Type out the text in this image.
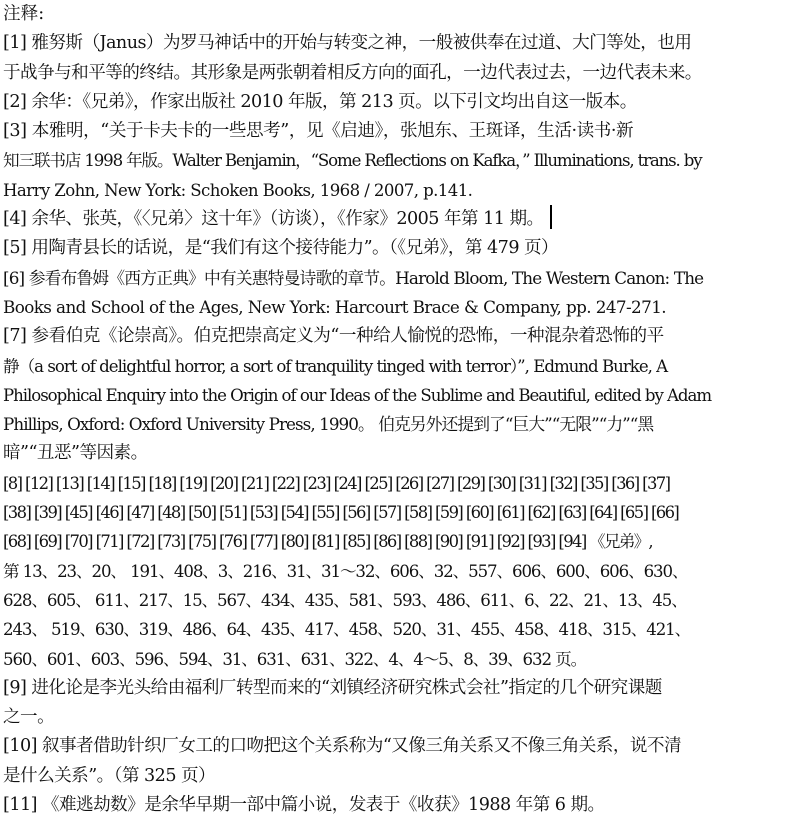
注释:
[1] 雅努斯（Janus）为罗马神话中的开始与转变之神，一般被供奉在过道、大门等处，也用
于战争与和平等的终结。其形象是两张朝着相反方向的面孔，一边代表过去，一边代表未来。
[2] 余华：《兄弟》，作家出版社 2010 年版，第 213 页。以下引文均出自这一版本。
[3] 本雅明，“关于卡夫卡的一些思考”，见《启迪》，张旭东、王斑译，生活·读书·新
知三联书店 1998 年版。Walter Benjamin，“Some Reflections on Kafka，” Illuminations, trans. by
Harry Zohn, New York: Schoken Books, 1968 / 2007, p.141.
[4] 余华、张英，《〈兄弟〉这十年》（访谈），《作家》2005 年第 11 期。
[5] 用陶青县长的话说，是“我们有这个接待能力”。（《兄弟》，第 479 页）
[6] 参看布鲁姆《西方正典》中有关惠特曼诗歌的章节。Harold Bloom, The Western Canon: The
Books and School of the Ages, New York: Harcourt Brace & Company, pp. 247-271.
[7] 参看伯克《论崇高》。伯克把崇高定义为“一种给人愉悦的恐怖，一种混杂着恐怖的平
静（a sort of delightful horror, a sort of tranquility tinged with terror）”, Edmund Burke, A
Philosophical Enquiry into the Origin of our Ideas of the Sublime and Beautiful, edited by Adam
Phillips, Oxford: Oxford University Press, 1990。 伯克另外还提到了“巨大”“无限”“力”“黑
暗”“丑恶”等因素。
[8] [12] [13] [14] [15] [18] [19] [20] [21] [22] [23] [24] [25] [26] [27] [29] [30] [31] [32] [35] [36] [37]
[38] [39] [45] [46] [47] [48] [50] [51] [53] [54] [55] [56] [57] [58] [59] [60] [61] [62] [63] [64] [65] [66]
[68] [69] [70] [71] [72] [73] [75] [76] [77] [80] [81] [85] [86] [88] [90] [91] [92] [93] [94] 《兄弟》,
第 13、23、20、 191、408、3、216、31、31～32、606、32、557、606、600、606、630、
628、605、 611、217、15、567、434、435、581、593、486、611、6、22、21、13、45、
243、 519、630、319、486、64、435、417、458、520、31、455、458、418、315、421、
560、601、603、596、594、31、631、631、322、4、4～5、8、39、632 页。
[9] 进化论是李光头给由福利厂转型而来的“刘镇经济研究株式会社”指定的几个研究课题
之一。
[10] 叙事者借助针织厂女工的口吻把这个关系称为“又像三角关系又不像三角关系，说不清
是什么关系”。（第 325 页）
[11] 《难逃劫数》是余华早期一部中篇小说，发表于《收获》1988 年第 6 期。
